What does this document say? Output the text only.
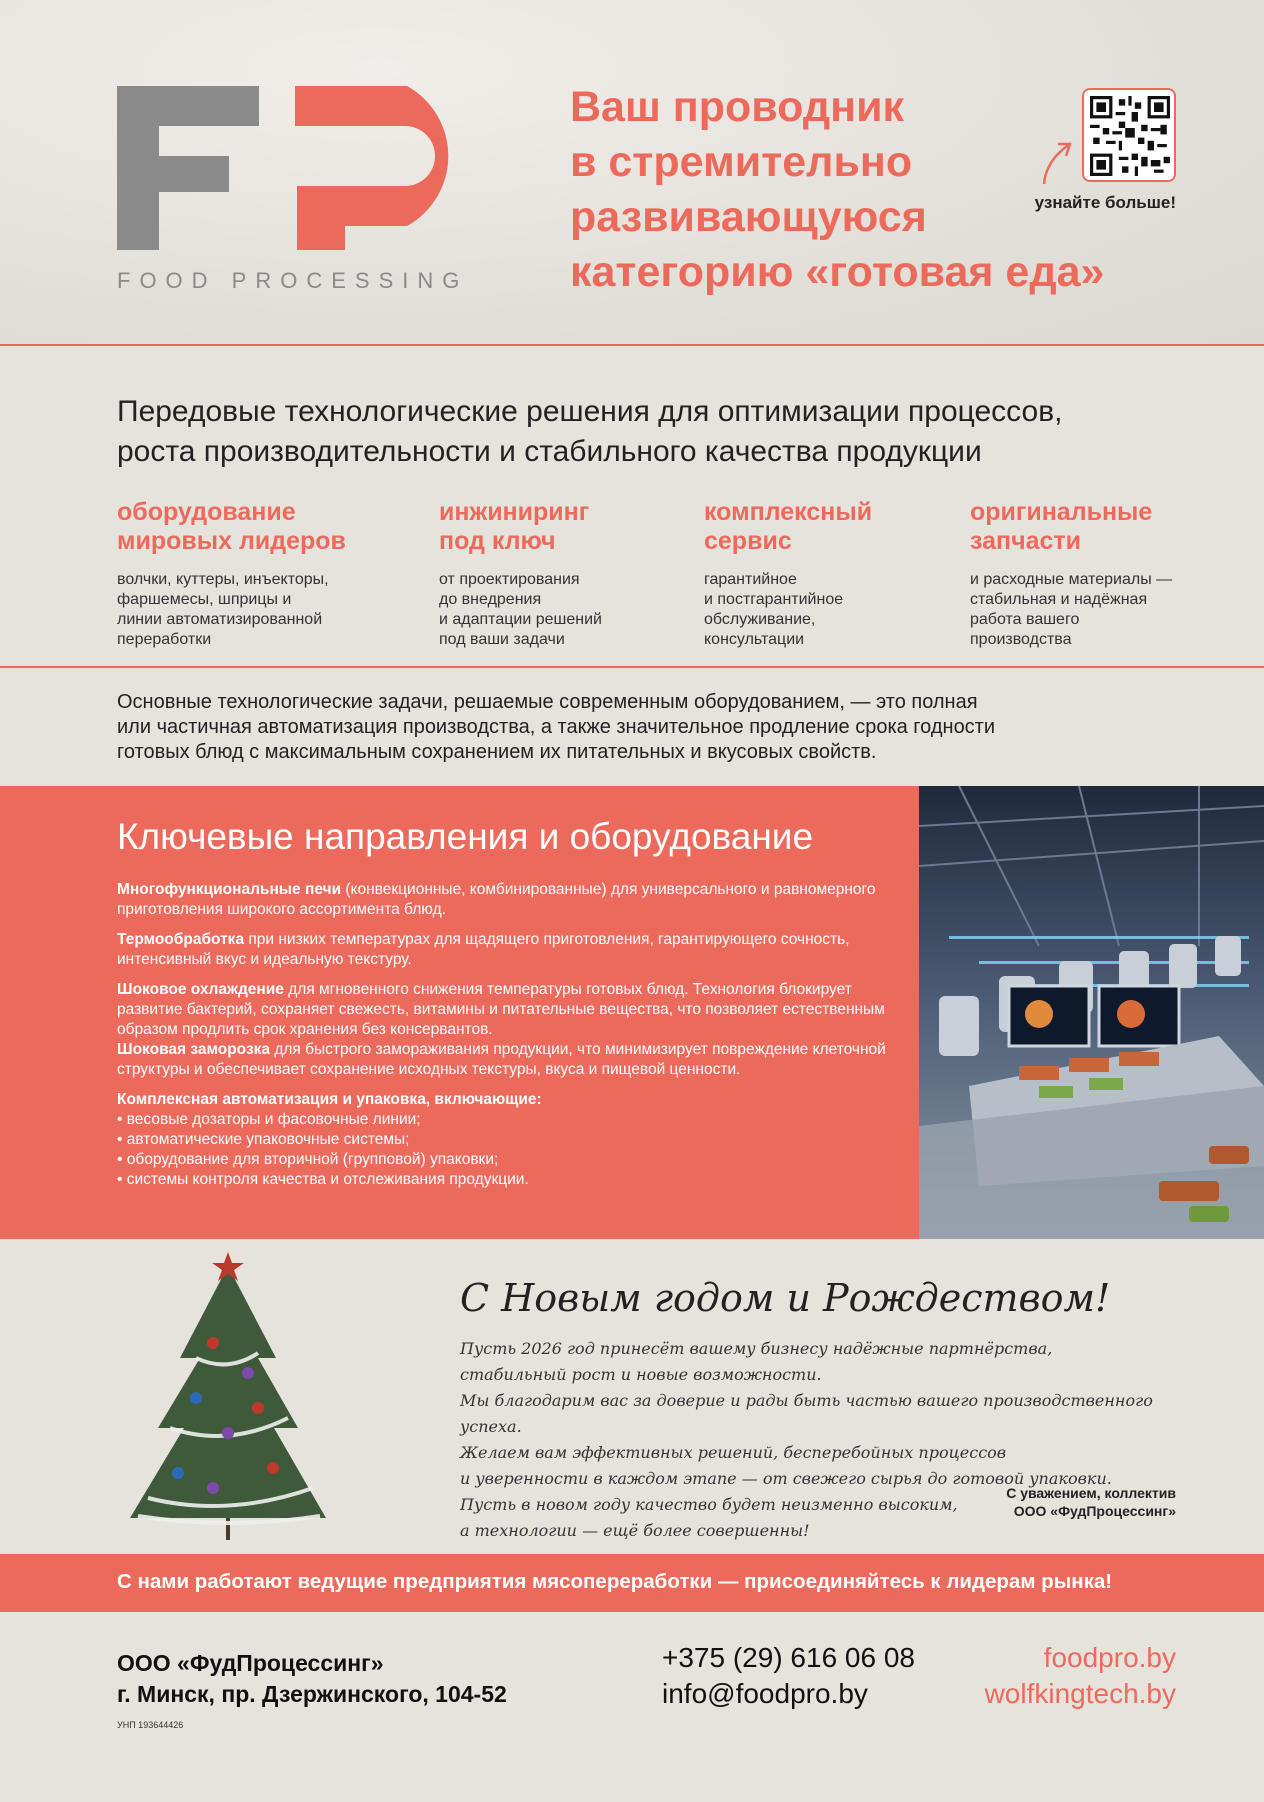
FOOD PROCESSING
Ваш проводник
в стремительно
развивающуюся
категорию «готовая еда»
узнайте больше!
Передовые технологические решения для оптимизации процессов,
роста производительности и стабильного качества продукции
оборудование
мировых лидеров
волчки, куттеры, инъекторы,
фаршемесы, шприцы и
линии автоматизированной
переработки
инжиниринг
под ключ
от проектирования
до внедрения
и адаптации решений
под ваши задачи
комплексный
сервис
гарантийное
и постгарантийное
обслуживание,
консультации
оригинальные
запчасти
и расходные материалы —
стабильная и надёжная
работа вашего
производства
Основные технологические задачи, решаемые современным оборудованием, — это полная
или частичная автоматизация производства, а также значительное продление срока годности
готовых блюд с максимальным сохранением их питательных и вкусовых свойств.
Ключевые направления и оборудование

Многофункциональные печи (конвекционные, комбинированные) для универсального и равномерного приготовления широкого ассортимента блюд.

Термообработка при низких температурах для щадящего приготовления, гарантирующего сочность, интенсивный вкус и идеальную текстуру.

Шоковое охлаждение для мгновенного снижения температуры готовых блюд. Технология блокирует развитие бактерий, сохраняет свежесть, витамины и питательные вещества, что позволяет естественным образом продлить срок хранения без консервантов.

Шоковая заморозка для быстрого замораживания продукции, что минимизирует повреждение клеточной структуры и обеспечивает сохранение исходных текстуры, вкуса и пищевой ценности.

Комплексная автоматизация и упаковка, включающие:
• весовые дозаторы и фасовочные линии;
• автоматические упаковочные системы;
• оборудование для вторичной (групповой) упаковки;
• системы контроля качества и отслеживания продукции.
С Новым годом и Рождеством!
Пусть 2026 год принесёт вашему бизнесу надёжные партнёрства,
стабильный рост и новые возможности.
Мы благодарим вас за доверие и рады быть частью вашего производственного успеха.
Желаем вам эффективных решений, бесперебойных процессов
и уверенности в каждом этапе — от свежего сырья до готовой упаковки.
Пусть в новом году качество будет неизменно высоким,
а технологии — ещё более совершенны!
С уважением, коллектив
ООО «ФудПроцессинг»
С нами работают ведущие предприятия мясопереработки — присоединяйтесь к лидерам рынка!
ООО «ФудПроцессинг»
г. Минск, пр. Дзержинского, 104-52
УНП 193644426
+375 (29) 616 06 08
info@foodpro.by
foodpro.by
wolfkingtech.by
